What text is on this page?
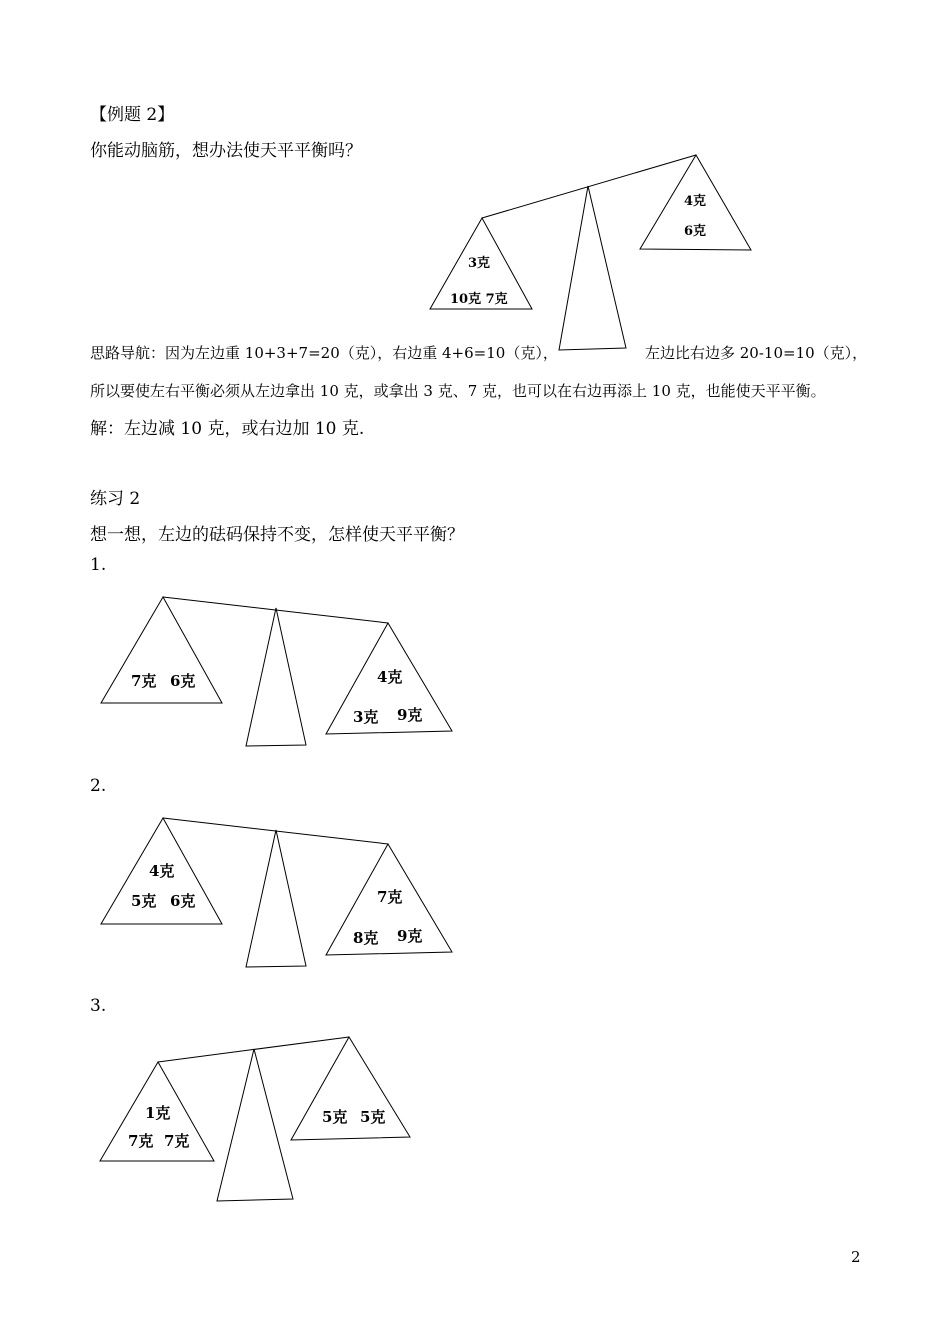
【例题 2】
你能动脑筋，想办法使天平平衡吗？
3克
10克 7克
4克
6克
思路导航：因为左边重 10+3+7=20（克），右边重 4+6=10（克），	左边比右边多 20-10=10（克），
所以要使左右平衡必须从左边拿出 10 克，或拿出 3 克、7 克，也可以在右边再添上 10 克，也能使天平平衡。
解：左边减 10 克，或右边加 10 克.
练习 2
想一想，左边的砝码保持不变，怎样使天平平衡？
1.
7克 6克	4克
3克 9克
2.
4克
5克 6克	7克
8克 9克
3.
1克
7克 7克
5克 5克
2
